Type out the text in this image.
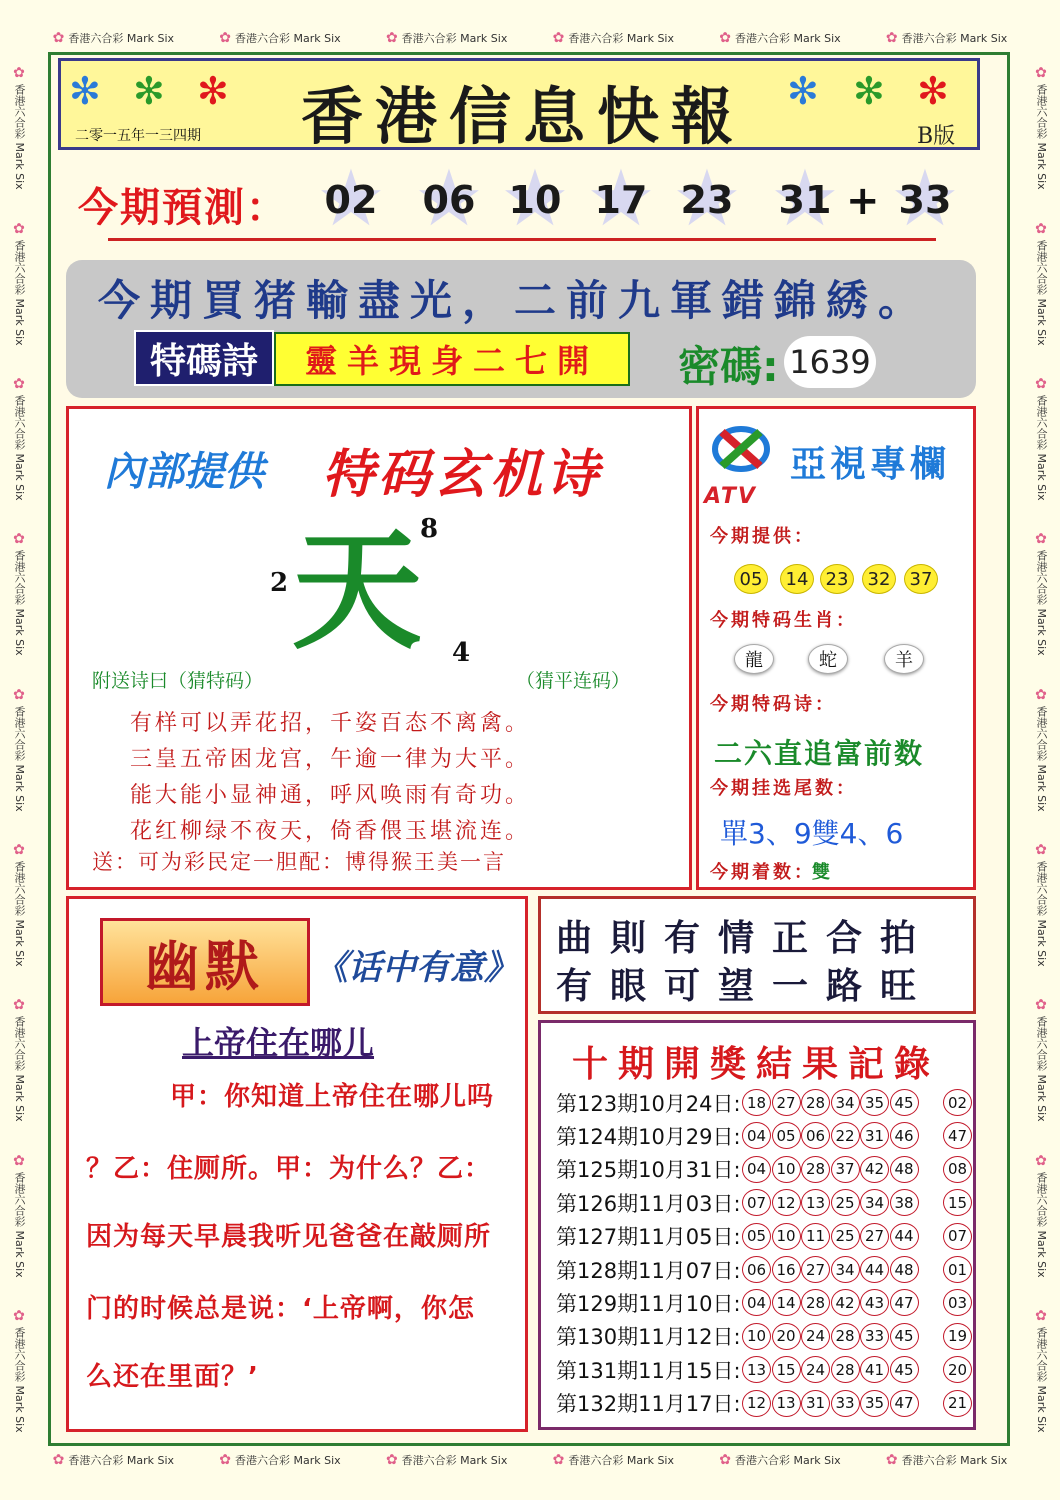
✿ 香港六合彩 Mark Six	✿ 香港六合彩 Mark Six	✿ 香港六合彩 Mark Six	✿ 香港六合彩 Mark Six	✿ 香港六合彩 Mark Six	✿ 香港六合彩 Mark Six
✿ 香港六合彩 Mark Six	✿ 香港六合彩 Mark Six	✿ 香港六合彩 Mark Six	✿ 香港六合彩 Mark Six	✿ 香港六合彩 Mark Six	✿ 香港六合彩 Mark Six
✿
香港六合彩 Mark Six
✿
香港六合彩 Mark Six
✿
香港六合彩 Mark Six
✿
香港六合彩 Mark Six
✿
香港六合彩 Mark Six
✿
香港六合彩 Mark Six
✿
香港六合彩 Mark Six
✿
香港六合彩 Mark Six
✿
香港六合彩 Mark Six
✿
香港六合彩 Mark Six
✿
香港六合彩 Mark Six
✿
香港六合彩 Mark Six
✿
香港六合彩 Mark Six
✿
香港六合彩 Mark Six
✿
香港六合彩 Mark Six
✿
香港六合彩 Mark Six
✿
香港六合彩 Mark Six
✿
香港六合彩 Mark Six
✻ ✻ ✻ 香港信息快報	✻ ✻ ✻
二零一五年一三四期	B版
今期預測： ★ 02 ★ 06 ★ 10 ★ 17 ★ 23 ★ 31 + ★ 33
今期買猪輸盡光，二前九軍錯錦綉。
特碼詩	靈羊現身二七開	密碼: 1639
內部提供 特码玄机诗
8
2 天 4
附送诗曰（猜特码）	（猜平连码）
有样可以弄花招，千姿百态不离禽。
三皇五帝困龙宫，午逾一律为大平。
能大能小显神通，呼风唤雨有奇功。
花红柳绿不夜天，倚香偎玉堪流连。
送：可为彩民定一胆配：博得猴王美一言
ATV
亞視專欄
今期提供：
05	14 23	32	37
今期特码生肖：
龍	蛇	羊
今期特码诗：
二六直追富前数
今期挂选尾数：
單3、9雙4、6
今期着数：
雙
幽默	《话中有意》
上帝住在哪儿
甲：你知道上帝住在哪儿吗
？乙：住厕所。甲：为什么？乙：
因为每天早晨我听见爸爸在敲厕所
门的时候总是说：‘上帝啊，你怎
么还在里面？’
曲則有情正合拍
有眼可望一路旺
十期開獎結果記錄
第123期10月24日: 18 27 28 34 35 45	02
第124期10月29日: 04 05 06 22 31 46	47
第125期10月31日: 04 10 28 37 42 48	08
第126期11月03日: 07 12 13 25 34 38	15
第127期11月05日: 05 10 11 25 27 44	07
第128期11月07日: 06 16 27 34 44 48	01
第129期11月10日: 04 14 28 42 43 47	03
第130期11月12日: 10 20 24 28 33 45	19
第131期11月15日: 13 15 24 28 41 45	20
第132期11月17日: 12 13 31 33 35 47	21
